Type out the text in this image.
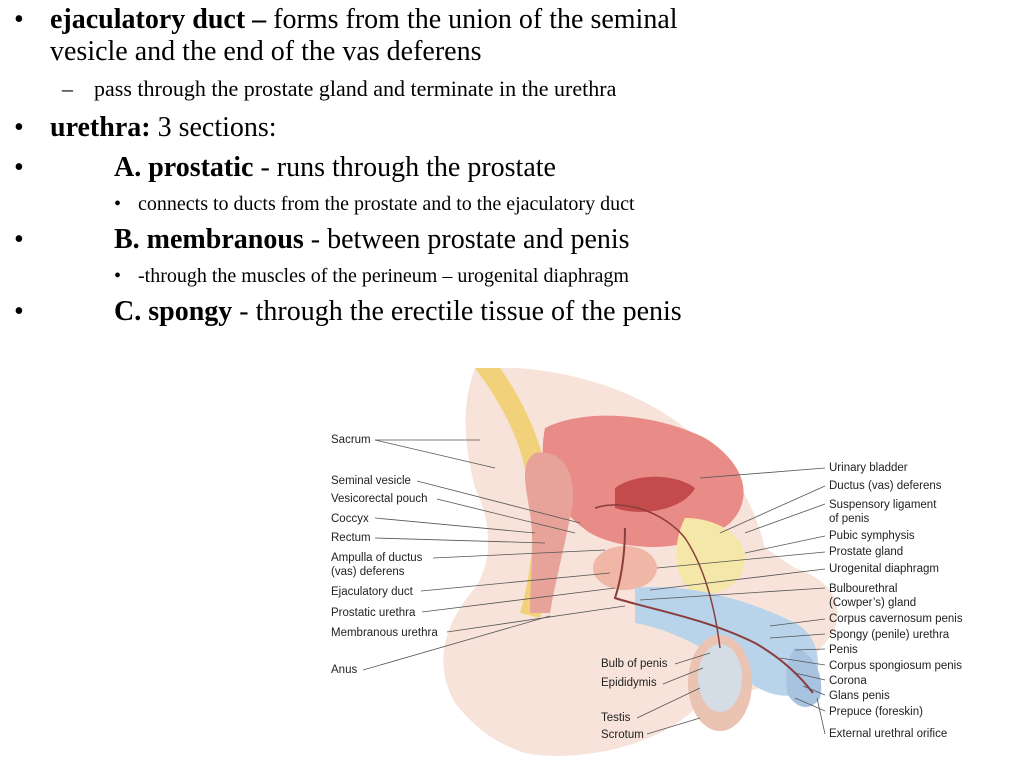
• ejaculatory duct – forms from the union of the seminal
vesicle and the end of the vas deferens
– pass through the prostate gland and terminate in the urethra
• urethra: 3 sections:
•	A. prostatic - runs through the prostate
• connects to ducts from the prostate and to the ejaculatory duct
•	B. membranous - between prostate and penis
• -through the muscles of the perineum – urogenital diaphragm
•	C. spongy - through the erectile tissue of the penis
Sacrum
Seminal vesicle
Vesicorectal pouch
Coccyx
Rectum
Ampulla of ductus
(vas) deferens
Ejaculatory duct
Prostatic urethra
Membranous urethra
Anus	Bulb of penis
Epididymis
Testis
Scrotum
Urinary bladder
Ductus (vas) deferens
Suspensory ligament
of penis
Pubic symphysis
Prostate gland
Urogenital diaphragm
Bulbourethral
(Cowper’s) gland
Corpus cavernosum penis
Spongy (penile) urethra
Penis
Corpus spongiosum penis
Corona
Glans penis
Prepuce (foreskin)
External urethral orifice
